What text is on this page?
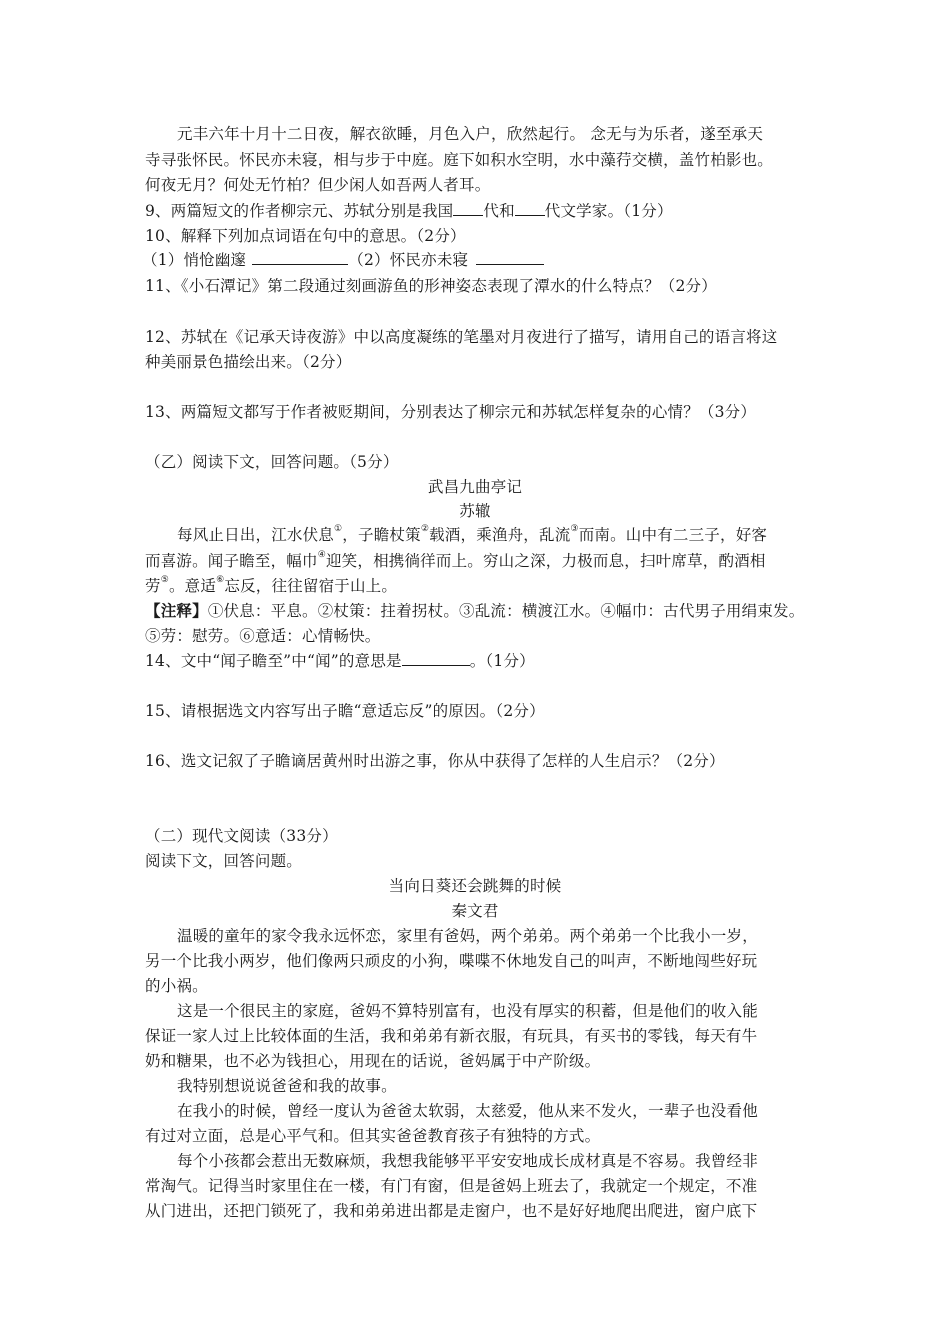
元丰六年十月十二日夜，解衣欲睡，月色入户，欣然起行。 念无与为乐者，遂至承天
寺寻张怀民。怀民亦未寝，相与步于中庭。庭下如积水空明，水中藻荇交横，盖竹柏影也。
何夜无月？何处无竹柏？但少闲人如吾两人者耳。
9、两篇短文的作者柳宗元、苏轼分别是我国 代和 代文学家。（1分）
10、解释下列加点词语在句中的意思。（2分）
（1）悄怆幽邃	（2）怀民亦未寝
11、《小石潭记》第二段通过刻画游鱼的形神姿态表现了潭水的什么特点？（2分）
12、苏轼在《记承天诗夜游》中以高度凝练的笔墨对月夜进行了描写，请用自己的语言将这
种美丽景色描绘出来。（2分）
13、两篇短文都写于作者被贬期间，分别表达了柳宗元和苏轼怎样复杂的心情？（3分）
（乙）阅读下文，回答问题。（5分）
武昌九曲亭记
苏辙
每风止日出，江水伏息①，子瞻杖策②载酒，乘渔舟，乱流③而南。山中有二三子，好客
而喜游。闻子瞻至，幅巾④迎笑，相携徜徉而上。穷山之深，力极而息，扫叶席草，酌酒相
劳⑤。意适⑥忘反，往往留宿于山上。
【注释】①伏息：平息。②杖策：拄着拐杖。③乱流：横渡江水。④幅巾：古代男子用绢束发。
⑤劳：慰劳。⑥意适：心情畅快。
14、文中“闻子瞻至”中“闻”的意思是	。（1分）
15、请根据选文内容写出子瞻“意适忘反”的原因。（2分）
16、选文记叙了子瞻谪居黄州时出游之事，你从中获得了怎样的人生启示？（2分）
（二）现代文阅读（33分）
阅读下文，回答问题。
当向日葵还会跳舞的时候
秦文君
温暖的童年的家令我永远怀恋，家里有爸妈，两个弟弟。两个弟弟一个比我小一岁，
另一个比我小两岁，他们像两只顽皮的小狗，喋喋不休地发自己的叫声，不断地闯些好玩
的小祸。
这是一个很民主的家庭，爸妈不算特别富有，也没有厚实的积蓄，但是他们的收入能
保证一家人过上比较体面的生活，我和弟弟有新衣服，有玩具，有买书的零钱，每天有牛
奶和糖果，也不必为钱担心，用现在的话说，爸妈属于中产阶级。
我特别想说说爸爸和我的故事。
在我小的时候，曾经一度认为爸爸太软弱，太慈爱，他从来不发火，一辈子也没看他
有过对立面，总是心平气和。但其实爸爸教育孩子有独特的方式。
每个小孩都会惹出无数麻烦，我想我能够平平安安地成长成材真是不容易。我曾经非
常淘气。记得当时家里住在一楼，有门有窗，但是爸妈上班去了，我就定一个规定，不准
从门进出，还把门锁死了，我和弟弟进出都是走窗户，也不是好好地爬出爬进，窗户底下
